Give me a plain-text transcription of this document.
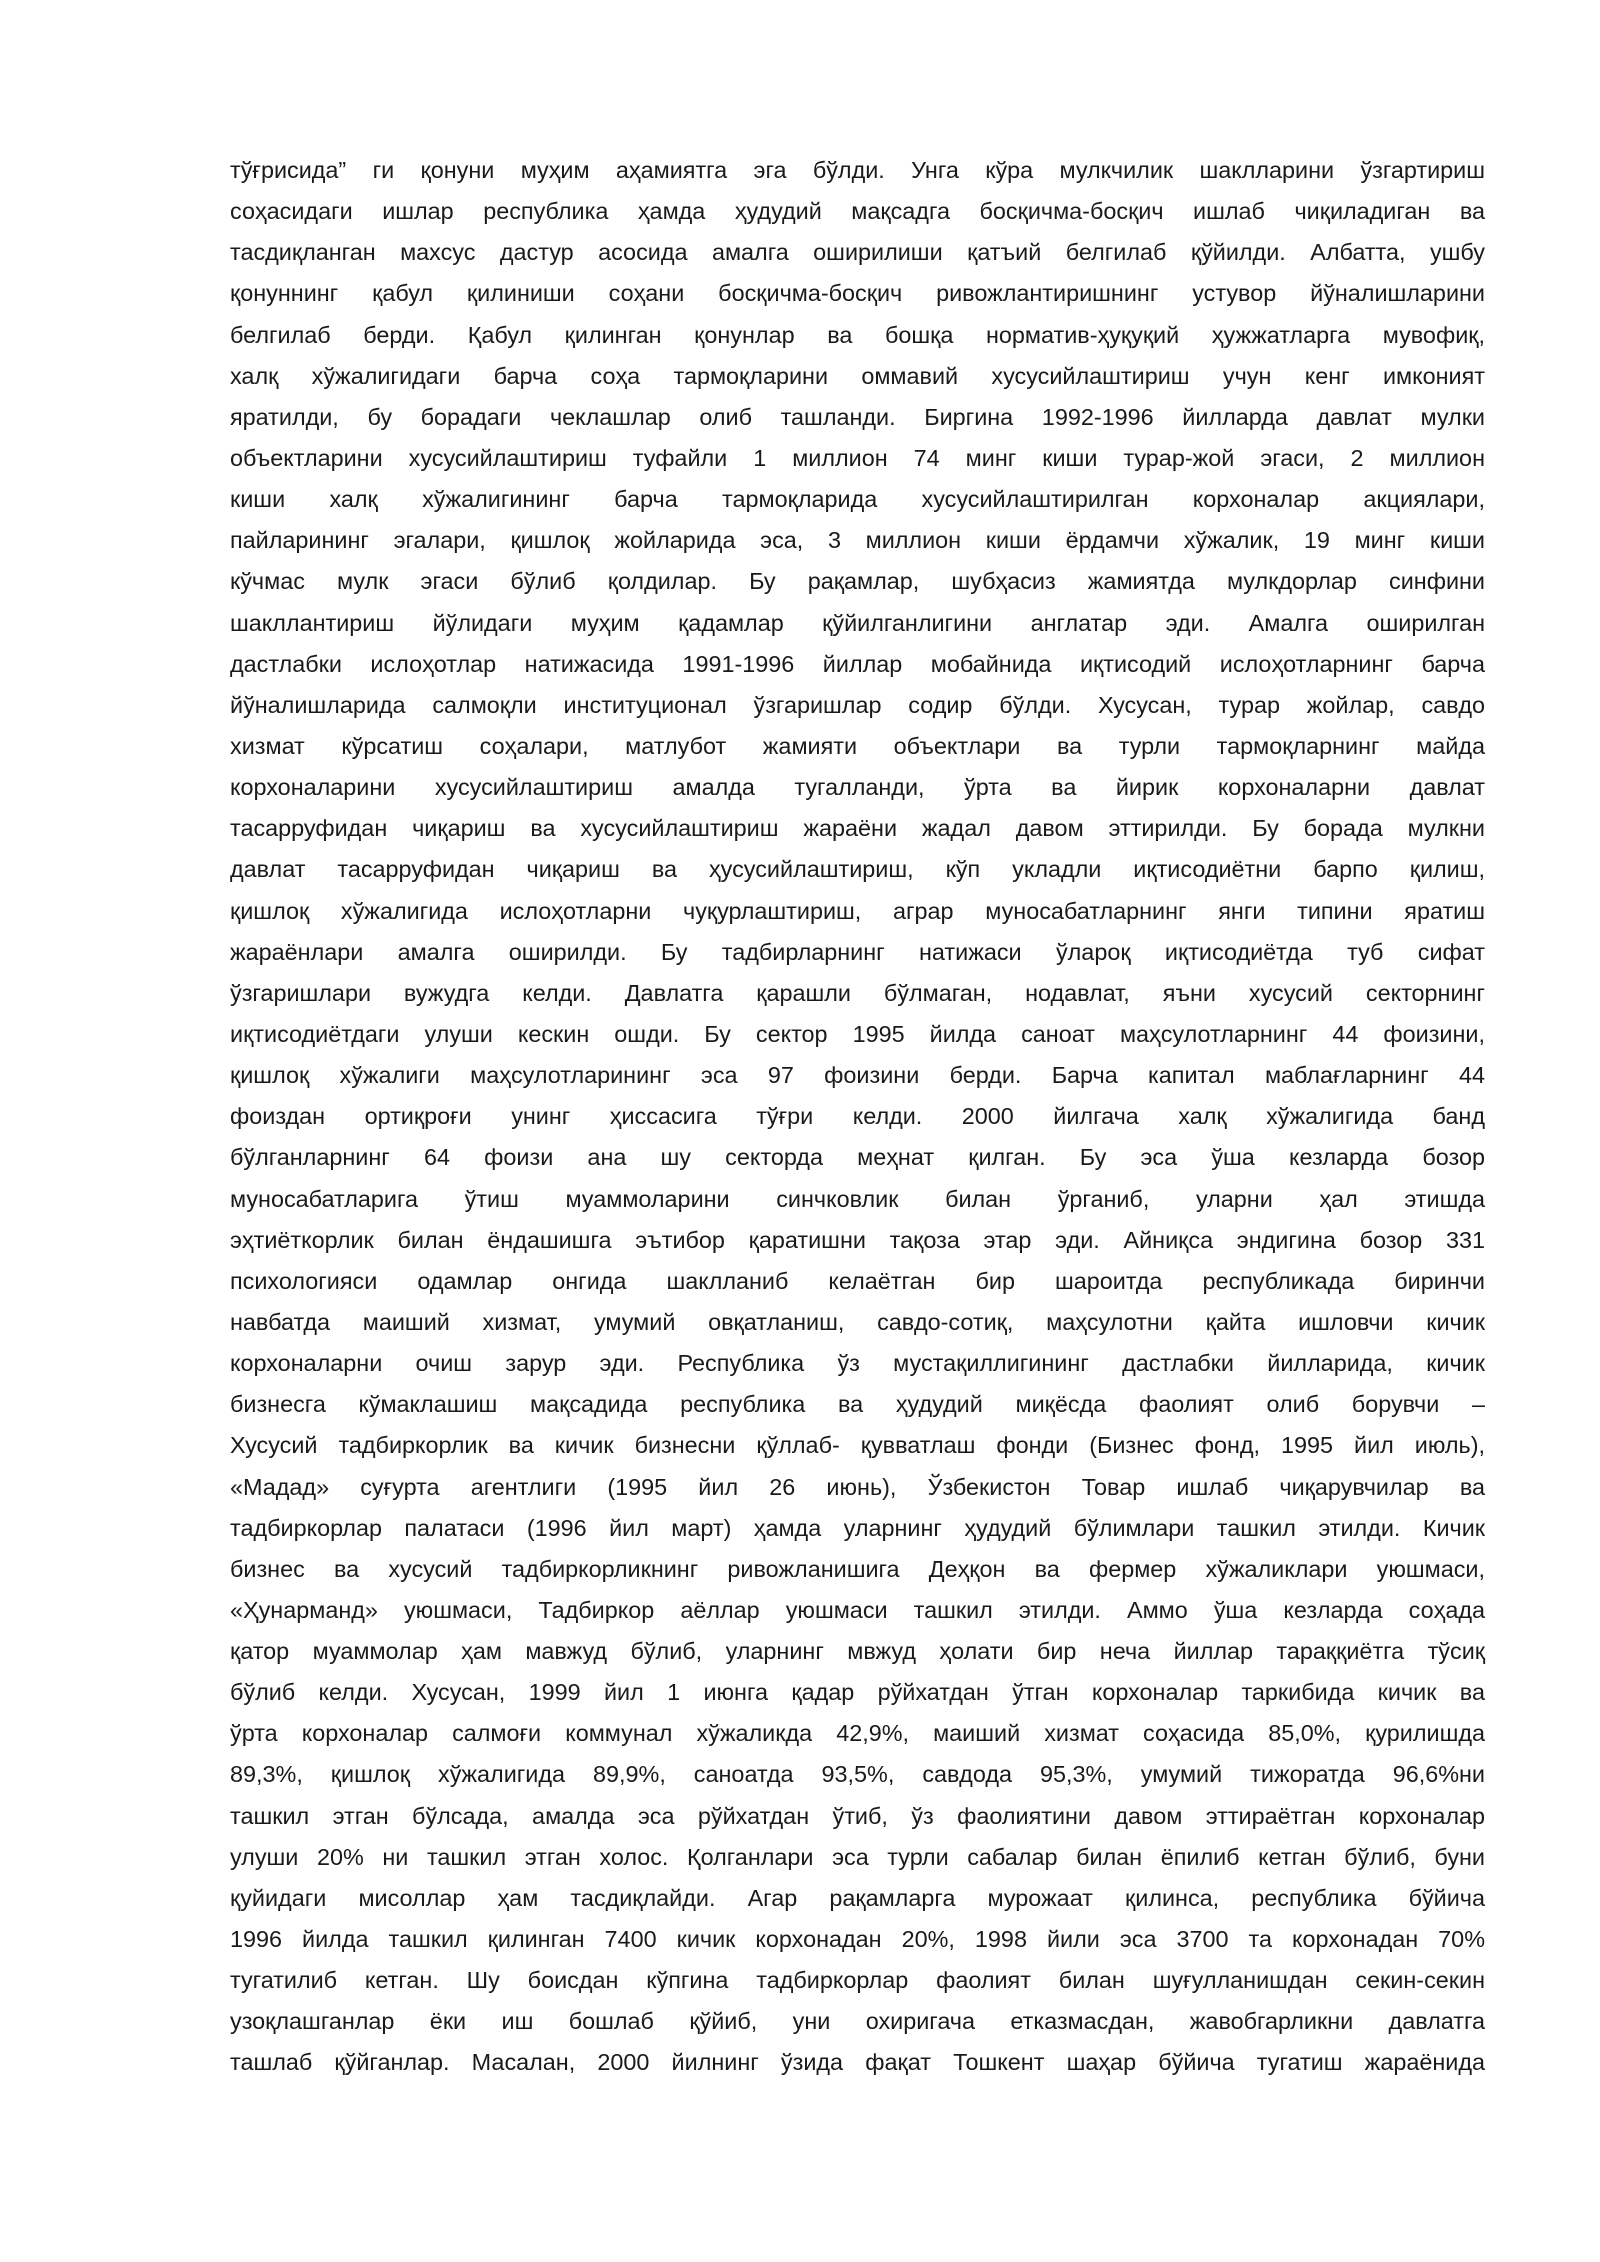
тўғрисида” ги қонуни муҳим аҳамиятга эга бўлди. Унга кўра мулкчилик шаклларини ўзгартириш
соҳасидаги ишлар республика ҳамда ҳудудий мақсадга босқичма-босқич ишлаб чиқиладиган ва
тасдиқланган махсус дастур асосида амалга оширилиши қатъий белгилаб қўйилди. Албатта, ушбу
қонуннинг қабул қилиниши соҳани босқичма-босқич ривожлантиришнинг устувор йўналишларини
белгилаб берди. Қабул қилинган қонунлар ва бошқа норматив-ҳуқуқий ҳужжатларга мувофиқ,
халқ хўжалигидаги барча соҳа тармоқларини оммавий хусусийлаштириш учун кенг имконият
яратилди, бу борадаги чеклашлар олиб ташланди. Биргина 1992-1996 йилларда давлат мулки
объектларини хусусийлаштириш туфайли 1 миллион 74 минг киши турар-жой эгаси, 2 миллион
киши халқ хўжалигининг барча тармоқларида хусусийлаштирилган корхоналар акциялари,
пайларининг эгалари, қишлоқ жойларида эса, 3 миллион киши ёрдамчи хўжалик, 19 минг киши
кўчмас мулк эгаси бўлиб қолдилар. Бу рақамлар, шубҳасиз жамиятда мулкдорлар синфини
шакллантириш йўлидаги муҳим қадамлар қўйилганлигини англатар эди. Амалга оширилган
дастлабки ислоҳотлар натижасида 1991-1996 йиллар мобайнида иқтисодий ислоҳотларнинг барча
йўналишларида салмоқли институционал ўзгаришлар содир бўлди. Хусусан, турар жойлар, савдо
хизмат кўрсатиш соҳалари, матлубот жамияти объектлари ва турли тармоқларнинг майда
корхоналарини хусусийлаштириш амалда тугалланди, ўрта ва йирик корхоналарни давлат
тасарруфидан чиқариш ва хусусийлаштириш жараёни жадал давом эттирилди. Бу борада мулкни
давлат тасарруфидан чиқариш ва ҳусусийлаштириш, кўп укладли иқтисодиётни барпо қилиш,
қишлоқ хўжалигида ислоҳотларни чуқурлаштириш, аграр муносабатларнинг янги типини яратиш
жараёнлари амалга оширилди. Бу тадбирларнинг натижаси ўлароқ иқтисодиётда туб сифат
ўзгаришлари вужудга келди. Давлатга қарашли бўлмаган, нодавлат, яъни хусусий секторнинг
иқтисодиётдаги улуши кескин ошди. Бу сектор 1995 йилда саноат маҳсулотларнинг 44 фоизини,
қишлоқ хўжалиги маҳсулотларининг эса 97 фоизини берди. Барча капитал маблағларнинг 44
фоиздан ортиқроғи унинг ҳиссасига тўғри келди. 2000 йилгача халқ хўжалигида банд
бўлганларнинг 64 фоизи ана шу секторда меҳнат қилган. Бу эса ўша кезларда бозор
муносабатларига ўтиш муаммоларини синчковлик билан ўрганиб, уларни ҳал этишда
эҳтиёткорлик билан ёндашишга эътибор қаратишни тақоза этар эди. Айниқса эндигина бозор 331
психологияси одамлар онгида шаклланиб келаётган бир шароитда республикада биринчи
навбатда маиший хизмат, умумий овқатланиш, савдо-сотиқ, маҳсулотни қайта ишловчи кичик
корхоналарни очиш зарур эди. Республика ўз мустақиллигининг дастлабки йилларида, кичик
бизнесга кўмаклашиш мақсадида республика ва ҳудудий миқёсда фаолият олиб борувчи –
Хусусий тадбиркорлик ва кичик бизнесни қўллаб- қувватлаш фонди (Бизнес фонд, 1995 йил июль),
«Мадад» суғурта агентлиги (1995 йил 26 июнь), Ўзбекистон Товар ишлаб чиқарувчилар ва
тадбиркорлар палатаси (1996 йил март) ҳамда уларнинг ҳудудий бўлимлари ташкил этилди. Кичик
бизнес ва хусусий тадбиркорликнинг ривожланишига Деҳқон ва фермер хўжаликлари уюшмаси,
«Ҳунарманд» уюшмаси, Тадбиркор аёллар уюшмаси ташкил этилди. Аммо ўша кезларда соҳада
қатор муаммолар ҳам мавжуд бўлиб, уларнинг мвжуд ҳолати бир неча йиллар тараққиётга тўсиқ
бўлиб келди. Хусусан, 1999 йил 1 июнга қадар рўйхатдан ўтган корхоналар таркибида кичик ва
ўрта корхоналар салмоғи коммунал хўжаликда 42,9%, маиший хизмат соҳасида 85,0%, қурилишда
89,3%, қишлоқ хўжалигида 89,9%, саноатда 93,5%, савдода 95,3%, умумий тижоратда 96,6%ни
ташкил этган бўлсада, амалда эса рўйхатдан ўтиб, ўз фаолиятини давом эттираётган корхоналар
улуши 20% ни ташкил этган холос. Қолганлари эса турли сабалар билан ёпилиб кетган бўлиб, буни
қуйидаги мисоллар ҳам тасдиқлайди. Агар рақамларга мурожаат қилинса, республика бўйича
1996 йилда ташкил қилинган 7400 кичик корхонадан 20%, 1998 йили эса 3700 та корхонадан 70%
тугатилиб кетган. Шу боисдан кўпгина тадбиркорлар фаолият билан шуғулланишдан секин-секин
узоқлашганлар ёки иш бошлаб қўйиб, уни охиригача етказмасдан, жавобгарликни давлатга
ташлаб қўйганлар. Масалан, 2000 йилнинг ўзида фақат Тошкент шаҳар бўйича тугатиш жараёнида
